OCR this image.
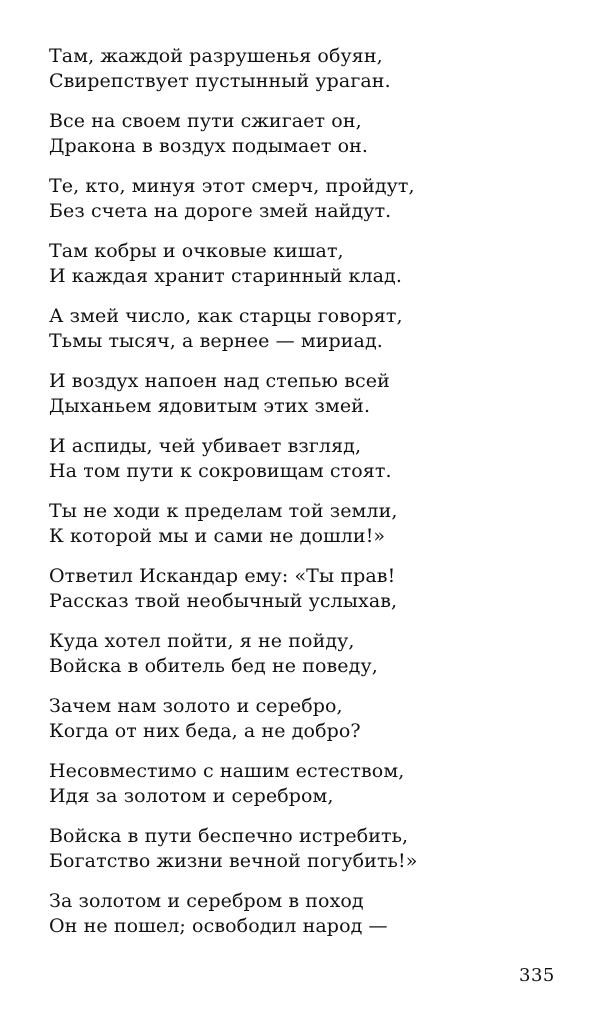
Там, жаждой разрушенья обуян,
Свирепствует пустынный ураган.
Все на своем пути сжигает он,
Дракона в воздух подымает он.
Те, кто, минуя этот смерч, пройдут,
Без счета на дороге змей найдут.
Там кобры и очковые кишат,
И каждая хранит старинный клад.
А змей число, как старцы говорят,
Тьмы тысяч, а вернее — мириад.
И воздух напоен над степью всей
Дыханьем ядовитым этих змей.
И аспиды, чей убивает взгляд,
На том пути к сокровищам стоят.
Ты не ходи к пределам той земли,
К которой мы и сами не дошли!»
Ответил Искандар ему: «Ты прав!
Рассказ твой необычный услыхав,
Куда хотел пойти, я не пойду,
Войска в обитель бед не поведу,
Зачем нам золото и серебро,
Когда от них беда, а не добро?
Несовместимо с нашим естеством,
Идя за золотом и серебром,
Войска в пути беспечно истребить,
Богатство жизни вечной погубить!»
За золотом и серебром в поход
Он не пошел; освободил народ —
335
